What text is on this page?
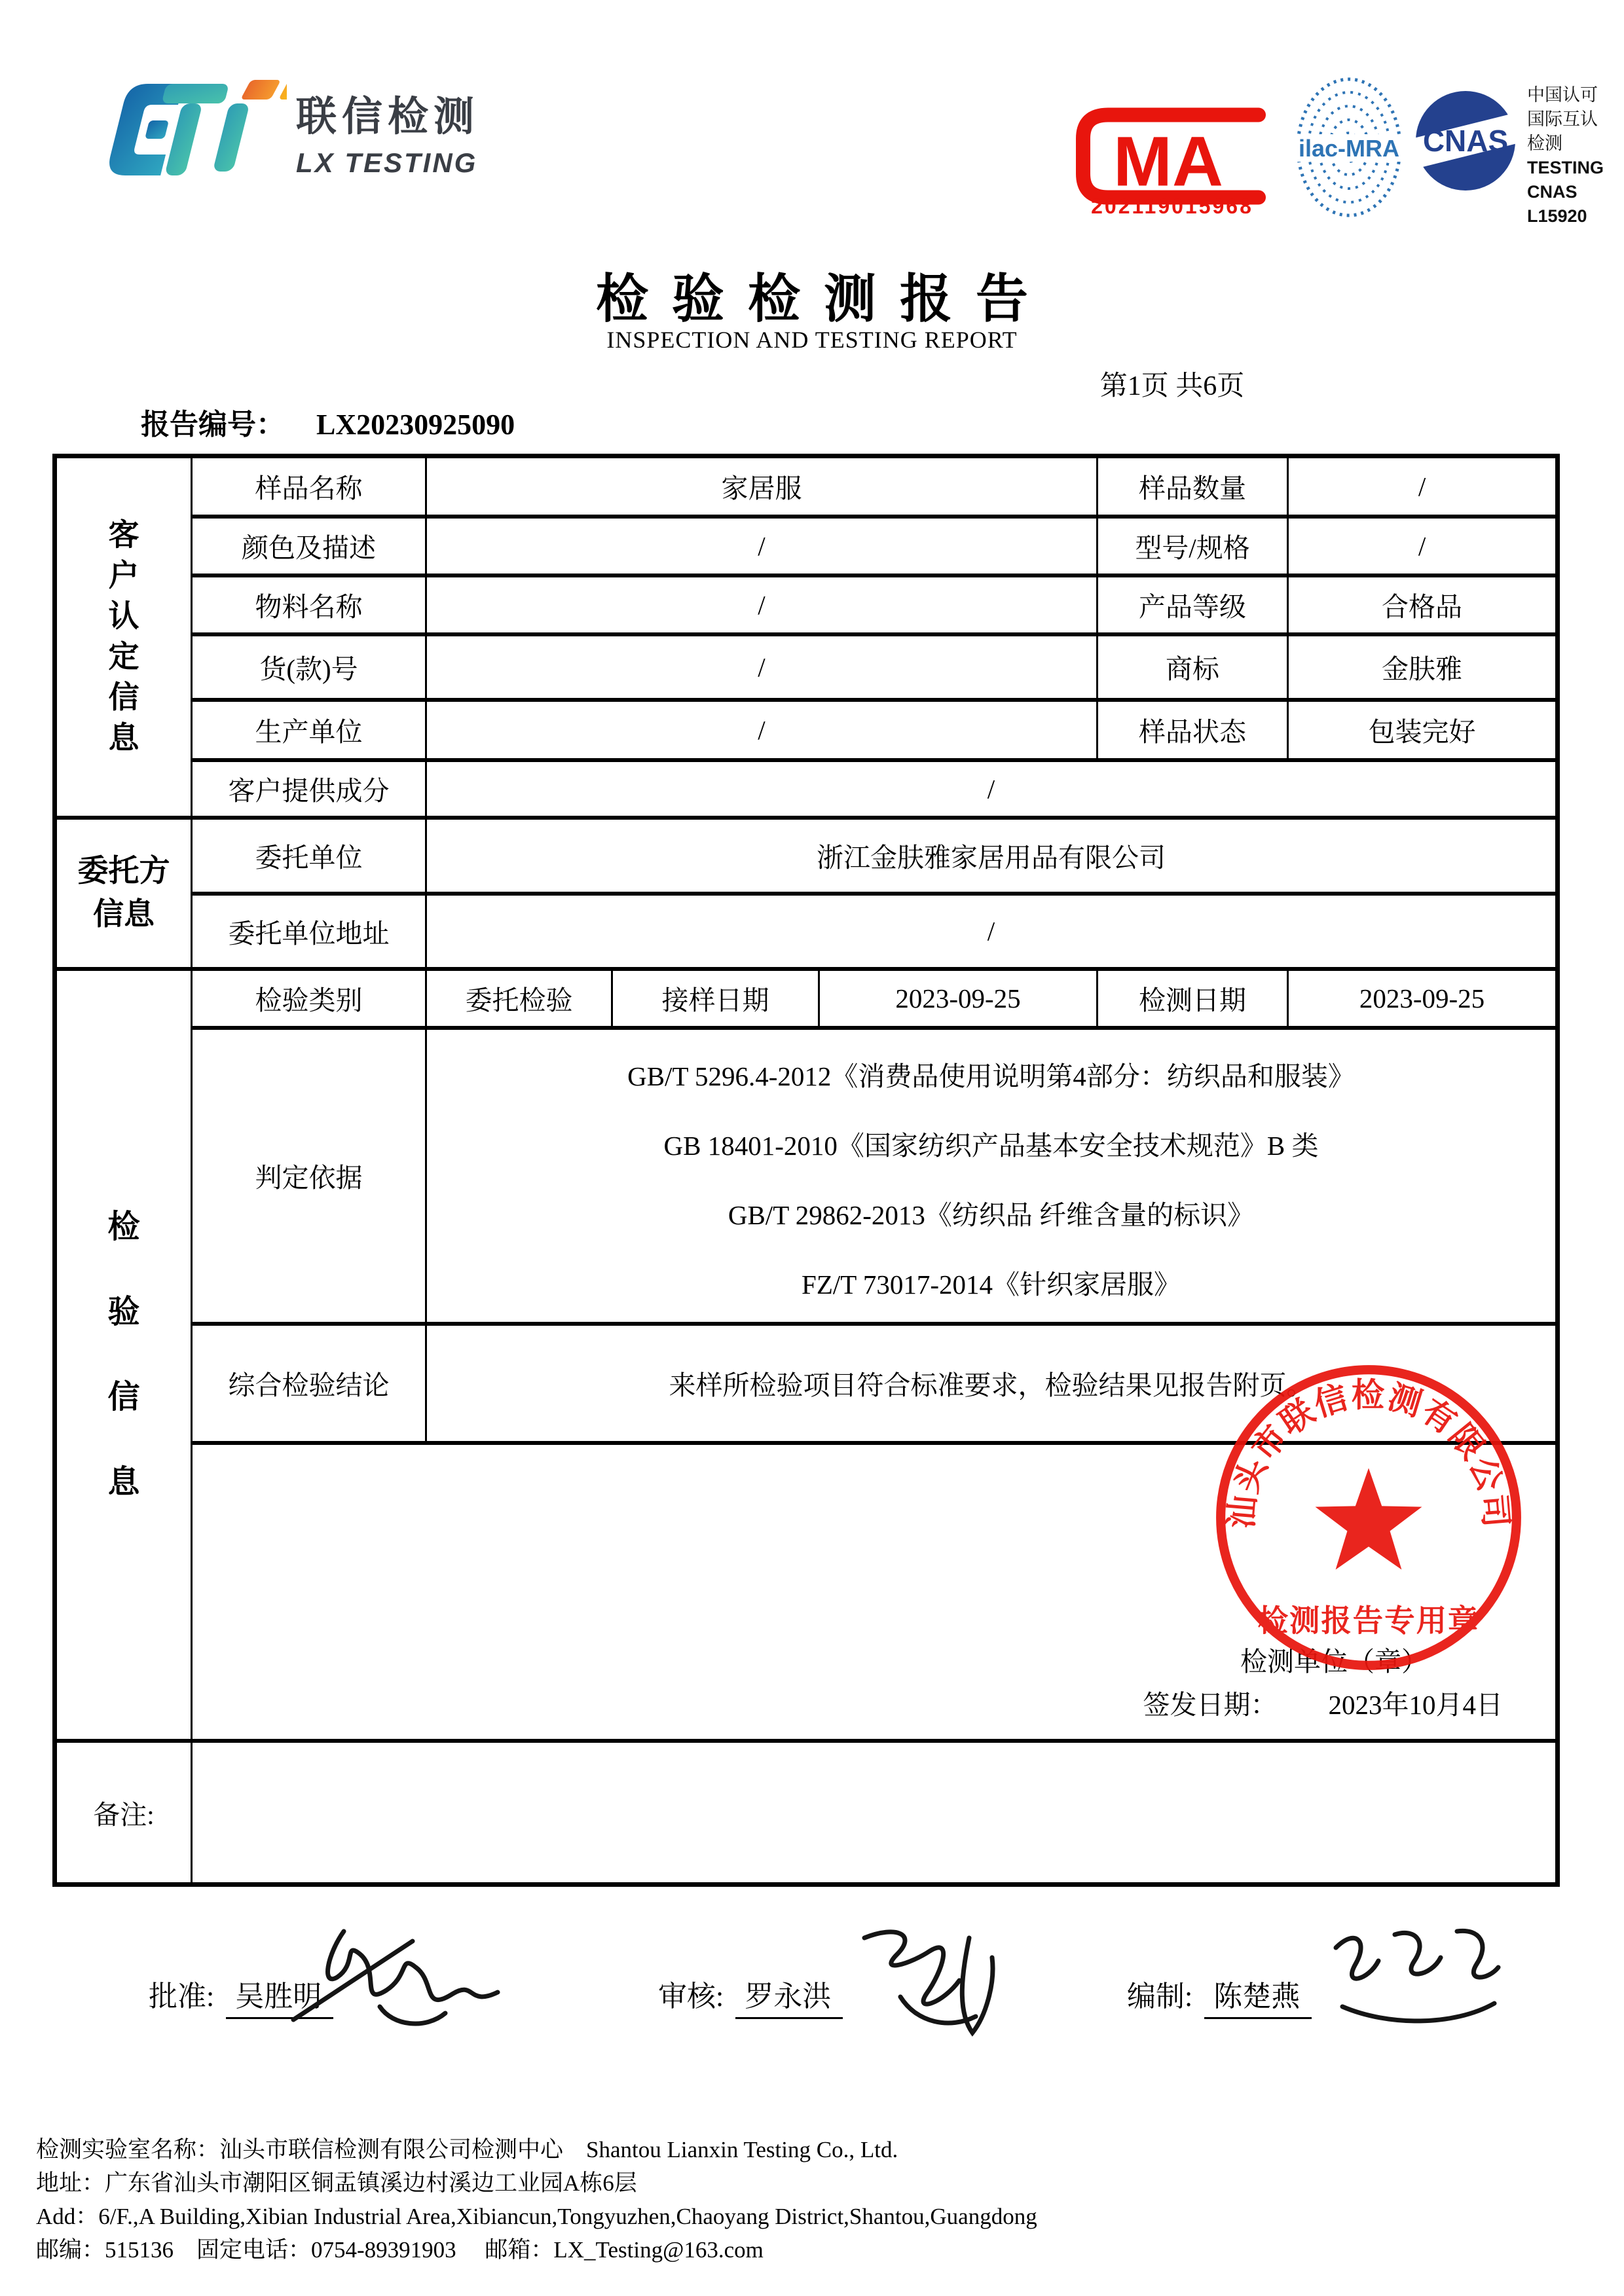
联信检测
LX TESTING	MA
202119015968
ilac-MRA CNAS
中国认可
国际互认
检测
TESTING
CNAS L15920
检验检测报告
INSPECTION AND TESTING REPORT
第1页 共6页
报告编号： LX20230925090
客户认定信息	样品名称	家居服			样品数量	/
	颜色及描述	/			型号/规格	/
	物料名称	/			产品等级	合格品
	货(款)号	/			商标	金肤雅
	生产单位	/			样品状态	包装完好
	客户提供成分	/				

委托方信息	委托单位	浙江金肤雅家居用品有限公司				
	委托单位地址	/				

检验信息	检验类别	委托检验	接样日期	2023-09-25	检测日期	2023-09-25
	判定依据	GB/T 5296.4-2012《消费品使用说明第4部分：纺织品和服装》
GB 18401-2010《国家纺织产品基本安全技术规范》B 类
GB/T 29862-2013《纺织品 纤维含量的标识》
FZ/T 73017-2014《针织家居服》				

	综合检验结论	来样所检验项目符合标准要求，检验结果见报告附页。				

	检测单位（章）
签发日期： 2023年10月4日					

备注:						
汕头市联信检测有限公司
检测报告专用章
批准: 吴胜明	审核: 罗永洪	编制: 陈楚燕
检测实验室名称：汕头市联信检测有限公司检测中心    Shantou Lianxin Testing Co., Ltd.
地址：广东省汕头市潮阳区铜盂镇溪边村溪边工业园A栋6层
Add：6/F.,A Building,Xibian Industrial Area,Xibiancun,Tongyuzhen,Chaoyang District,Shantou,Guangdong
邮编：515136    固定电话：0754-89391903     邮箱：LX_Testing@163.com
